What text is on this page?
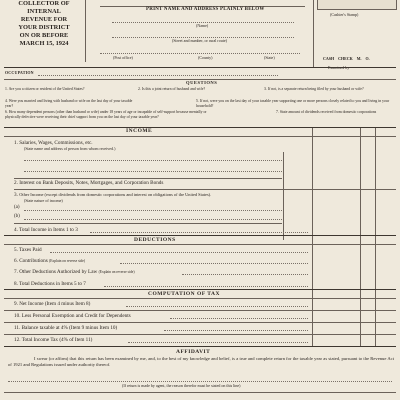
COLLECTOR OF
INTERNAL
REVENUE FOR
YOUR DISTRICT
ON OR BEFORE
MARCH 15, 1924
PRINT NAME AND ADDRESS PLAINLY BELOW
(Name)
(Street and number, or rural route)
(Post office)	(County)	(State)
(Cashier's Stamp)
CASH CHECK M. O.
Examined by
OCCUPATION
QUESTIONS
1. Are you a citizen or resident of the United States?	2. Is this a joint return of husband and wife?	3. If not, is a separate return being filed by your husband or wife?
4. Were you married and living with husband or wife on the last day of your taxable year?
5. If not, were you on the last day of your taxable year supporting one or more persons closely related to you and living in your household?
6. How many dependent persons (other than husband or wife) under 18 years of age or incapable of self-support because mentally or physically defective were receiving their chief support from you on the last day of your taxable year?
7. State amount of dividends received from domestic corporations
INCOME
1. Salaries, Wages, Commissions, etc.
(State name and address of person from whom received.)
2. Interest on Bank Deposits, Notes, Mortgages, and Corporation Bonds
3. Other Income (except dividends from domestic corporations and interest on obligations of the United States).
(State nature of income)
(a)
(b)
4. Total Income in Items 1 to 3
DEDUCTIONS
5. Taxes Paid
6. Contributions (Explain on reverse side)
7. Other Deductions Authorized by Law (Explain on reverse side)
8. Total Deductions in Items 5 to 7
COMPUTATION OF TAX
9. Net Income (Item 4 minus Item 8)
10. Less Personal Exemption and Credit for Dependents
11. Balance taxable at 4% (Item 9 minus Item 10)
12. Total Income Tax (4% of Item 11)
AFFIDAVIT
I swear (or affirm) that this return has been examined by me, and, to the best of my knowledge and belief, is a true and complete return for the taxable year as stated, pursuant to the Revenue Act of 1921 and Regulations issued under authority thereof.
(If return is made by agent, the reason therefor must be stated on this line)
